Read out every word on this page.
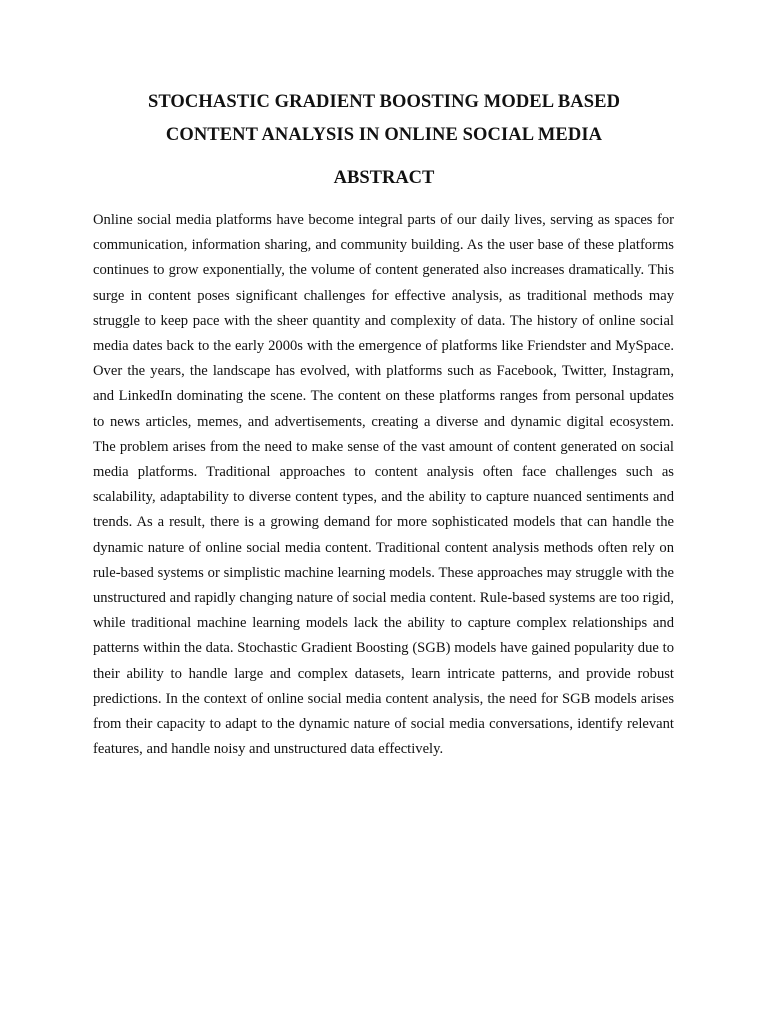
STOCHASTIC GRADIENT BOOSTING MODEL BASED
CONTENT ANALYSIS IN ONLINE SOCIAL MEDIA
ABSTRACT

Online social media platforms have become integral parts of our daily lives, serving as spaces for communication, information sharing, and community building. As the user base of these platforms continues to grow exponentially, the volume of content generated also increases dramatically. This surge in content poses significant challenges for effective analysis, as traditional methods may struggle to keep pace with the sheer quantity and complexity of data. The history of online social media dates back to the early 2000s with the emergence of platforms like Friendster and MySpace. Over the years, the landscape has evolved, with platforms such as Facebook, Twitter, Instagram, and LinkedIn dominating the scene. The content on these platforms ranges from personal updates to news articles, memes, and advertisements, creating a diverse and dynamic digital ecosystem. The problem arises from the need to make sense of the vast amount of content generated on social media platforms. Traditional approaches to content analysis often face challenges such as scalability, adaptability to diverse content types, and the ability to capture nuanced sentiments and trends. As a result, there is a growing demand for more sophisticated models that can handle the dynamic nature of online social media content. Traditional content analysis methods often rely on rule-based systems or simplistic machine learning models. These approaches may struggle with the unstructured and rapidly changing nature of social media content. Rule-based systems are too rigid, while traditional machine learning models lack the ability to capture complex relationships and patterns within the data. Stochastic Gradient Boosting (SGB) models have gained popularity due to their ability to handle large and complex datasets, learn intricate patterns, and provide robust predictions. In the context of online social media content analysis, the need for SGB models arises from their capacity to adapt to the dynamic nature of social media conversations, identify relevant features, and handle noisy and unstructured data effectively.
